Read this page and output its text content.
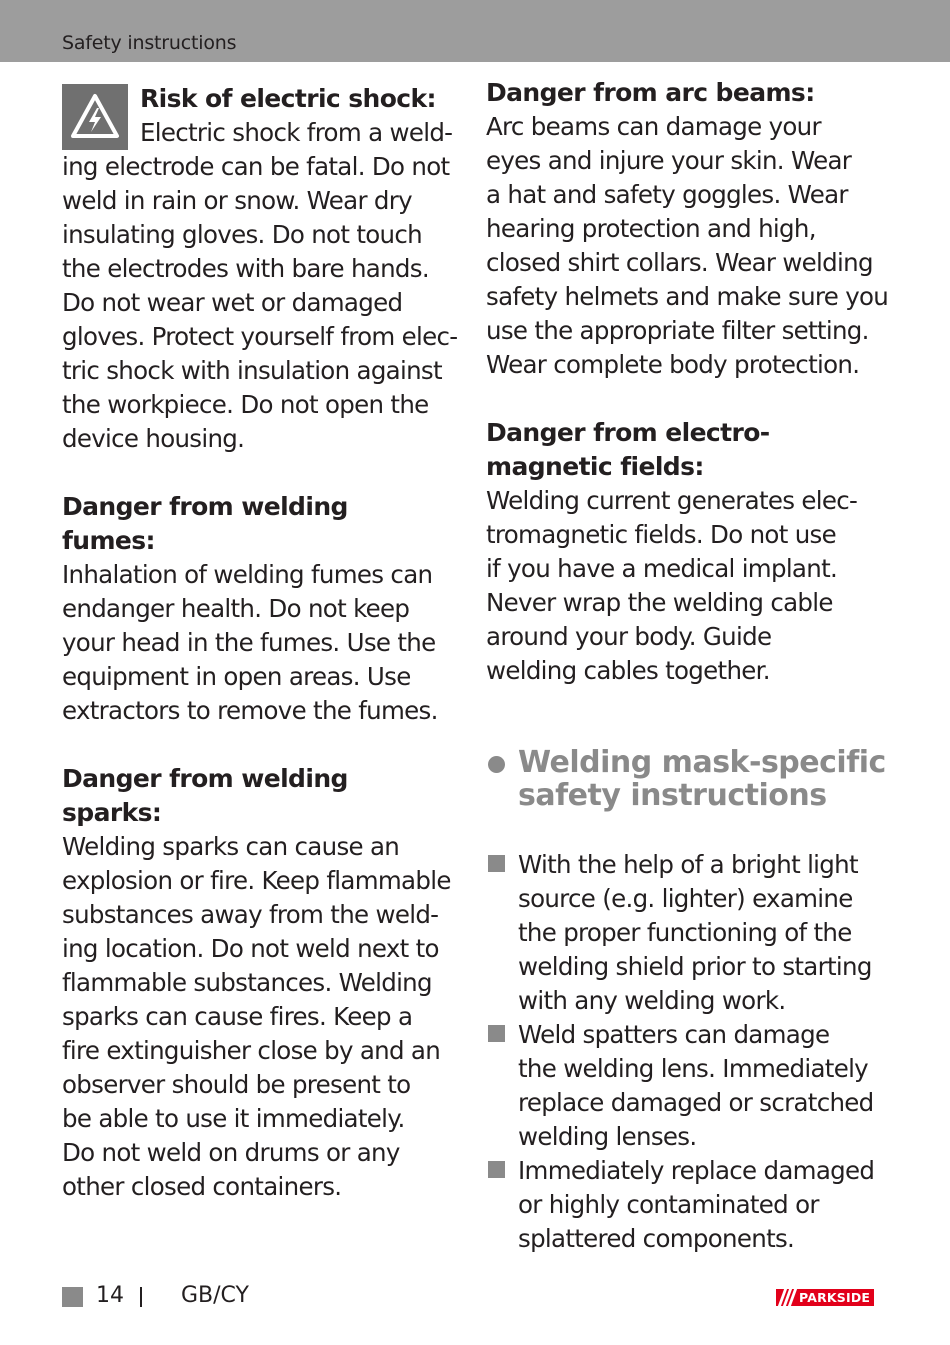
Safety instructions

Risk of electric shock:

Electric shock from a weld-
ing electrode can be fatal. Do not
weld in rain or snow. Wear dry
insulating gloves. Do not touch
the electrodes with bare hands.
Do not wear wet or damaged
gloves. Protect yourself from elec-
tric shock with insulation against
the workpiece. Do not open the
device housing.

Danger from welding
fumes:

Inhalation of welding fumes can
endanger health. Do not keep
your head in the fumes. Use the
equipment in open areas. Use
extractors to remove the fumes.

Danger from welding
sparks:

Welding sparks can cause an
explosion or fire. Keep flammable
substances away from the weld-
ing location. Do not weld next to
flammable substances. Welding
sparks can cause fires. Keep a
fire extinguisher close by and an
observer should be present to
be able to use it immediately.
Do not weld on drums or any
other closed containers.

Danger from arc beams:

Arc beams can damage your
eyes and injure your skin. Wear
a hat and safety goggles. Wear
hearing protection and high,
closed shirt collars. Wear welding
safety helmets and make sure you
use the appropriate filter setting.
Wear complete body protection.

Danger from electro-
magnetic fields:

Welding current generates elec-
tromagnetic fields. Do not use
if you have a medical implant.
Never wrap the welding cable
around your body. Guide
welding cables together.

Welding mask-specific
safety instructions

With the help of a bright light
source (e.g. lighter) examine
the proper functioning of the
welding shield prior to starting
with any welding work.
Weld spatters can damage
the welding lens. Immediately
replace damaged or scratched
welding lenses.
Immediately replace damaged
or highly contaminated or
splattered components.
14	GB/CY	PARKSIDE
